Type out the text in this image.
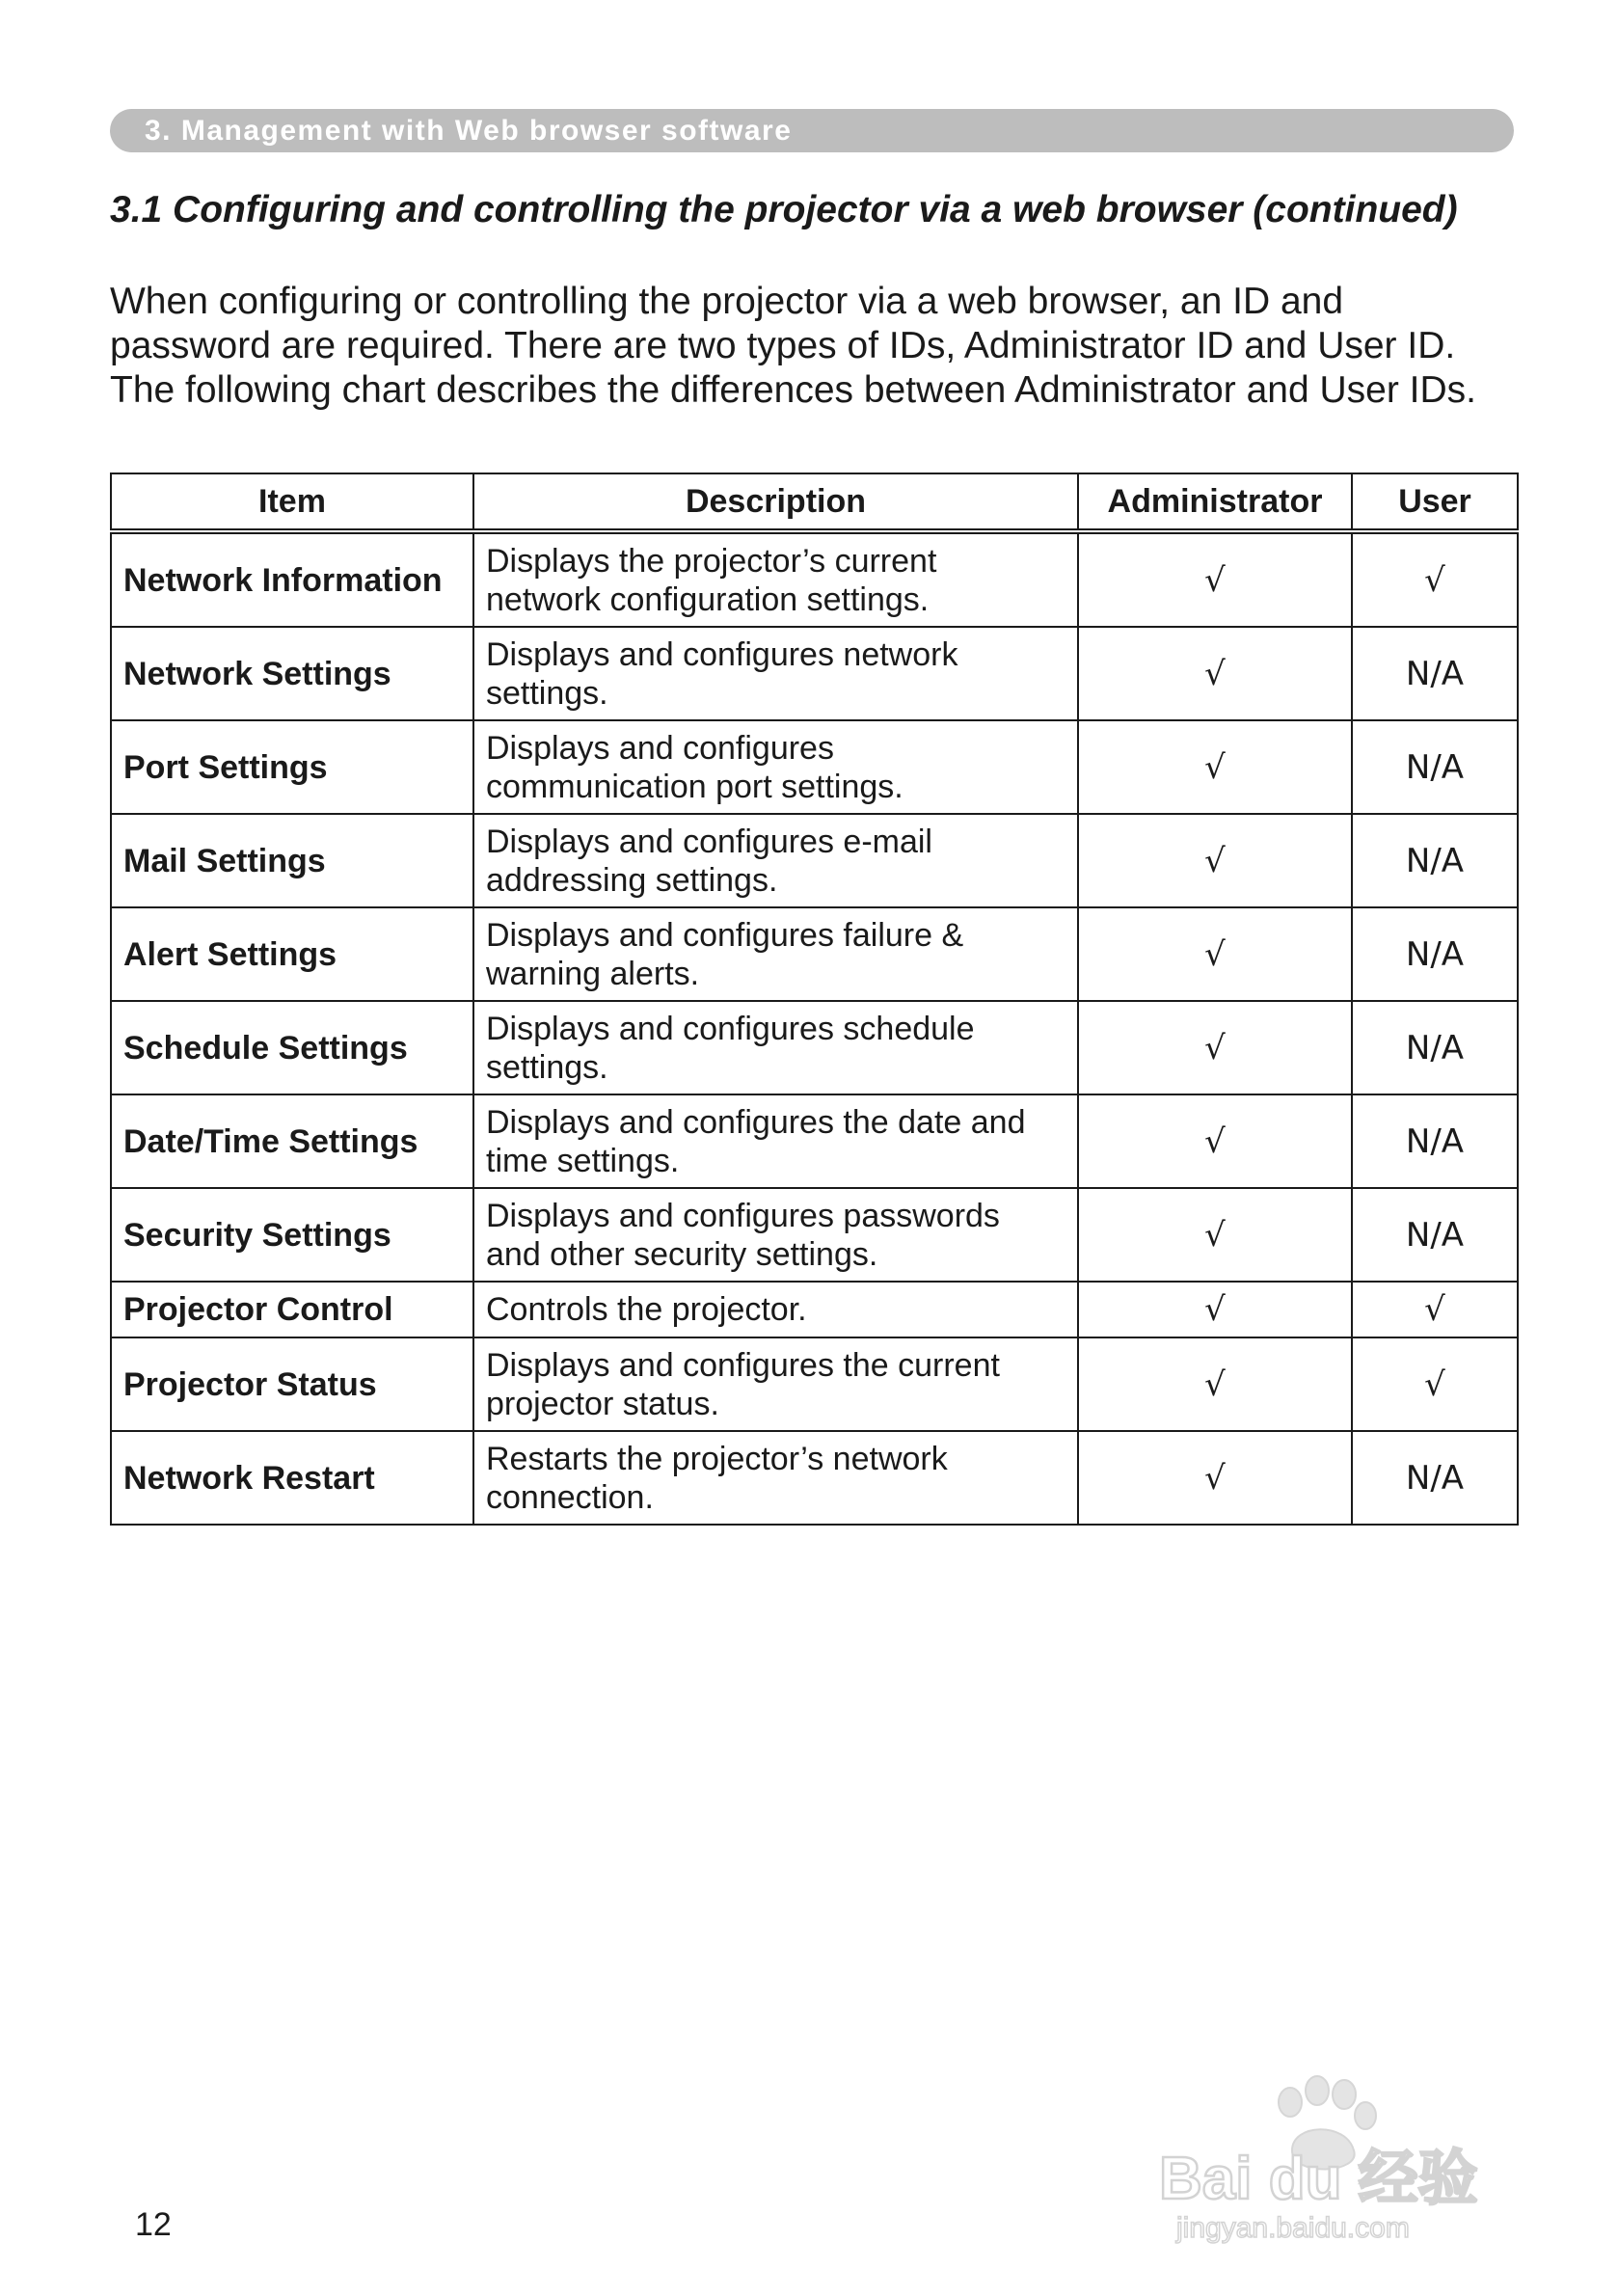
3. Management with Web browser software
3.1 Configuring and controlling the projector via a web browser (continued)

When configuring or controlling the projector via a web browser, an ID and

password are required. There are two types of IDs, Administrator ID and User ID.

The following chart describes the differences between Administrator and User IDs.

Item	Description	Administrator	User
Network Information	Displays the projector’s current
network configuration settings.	√	√
Network Settings	Displays and configures network
settings.	√	N/A
Port Settings	Displays and configures
communication port settings.	√	N/A
Mail Settings	Displays and configures e-mail
addressing settings.	√	N/A
Alert Settings	Displays and configures failure &
warning alerts.	√	N/A
Schedule Settings	Displays and configures schedule
settings.	√	N/A
Date/Time Settings	Displays and configures the date and
time settings.	√	N/A
Security Settings	Displays and configures passwords
and other security settings.	√	N/A
Projector Control	Controls the projector.	√	√
Projector Status	Displays and configures the current
projector status.	√	√
Network Restart	Restarts the projector’s network
connection.	√	N/A
12
Bai du 经验
jingyan.baidu.com
